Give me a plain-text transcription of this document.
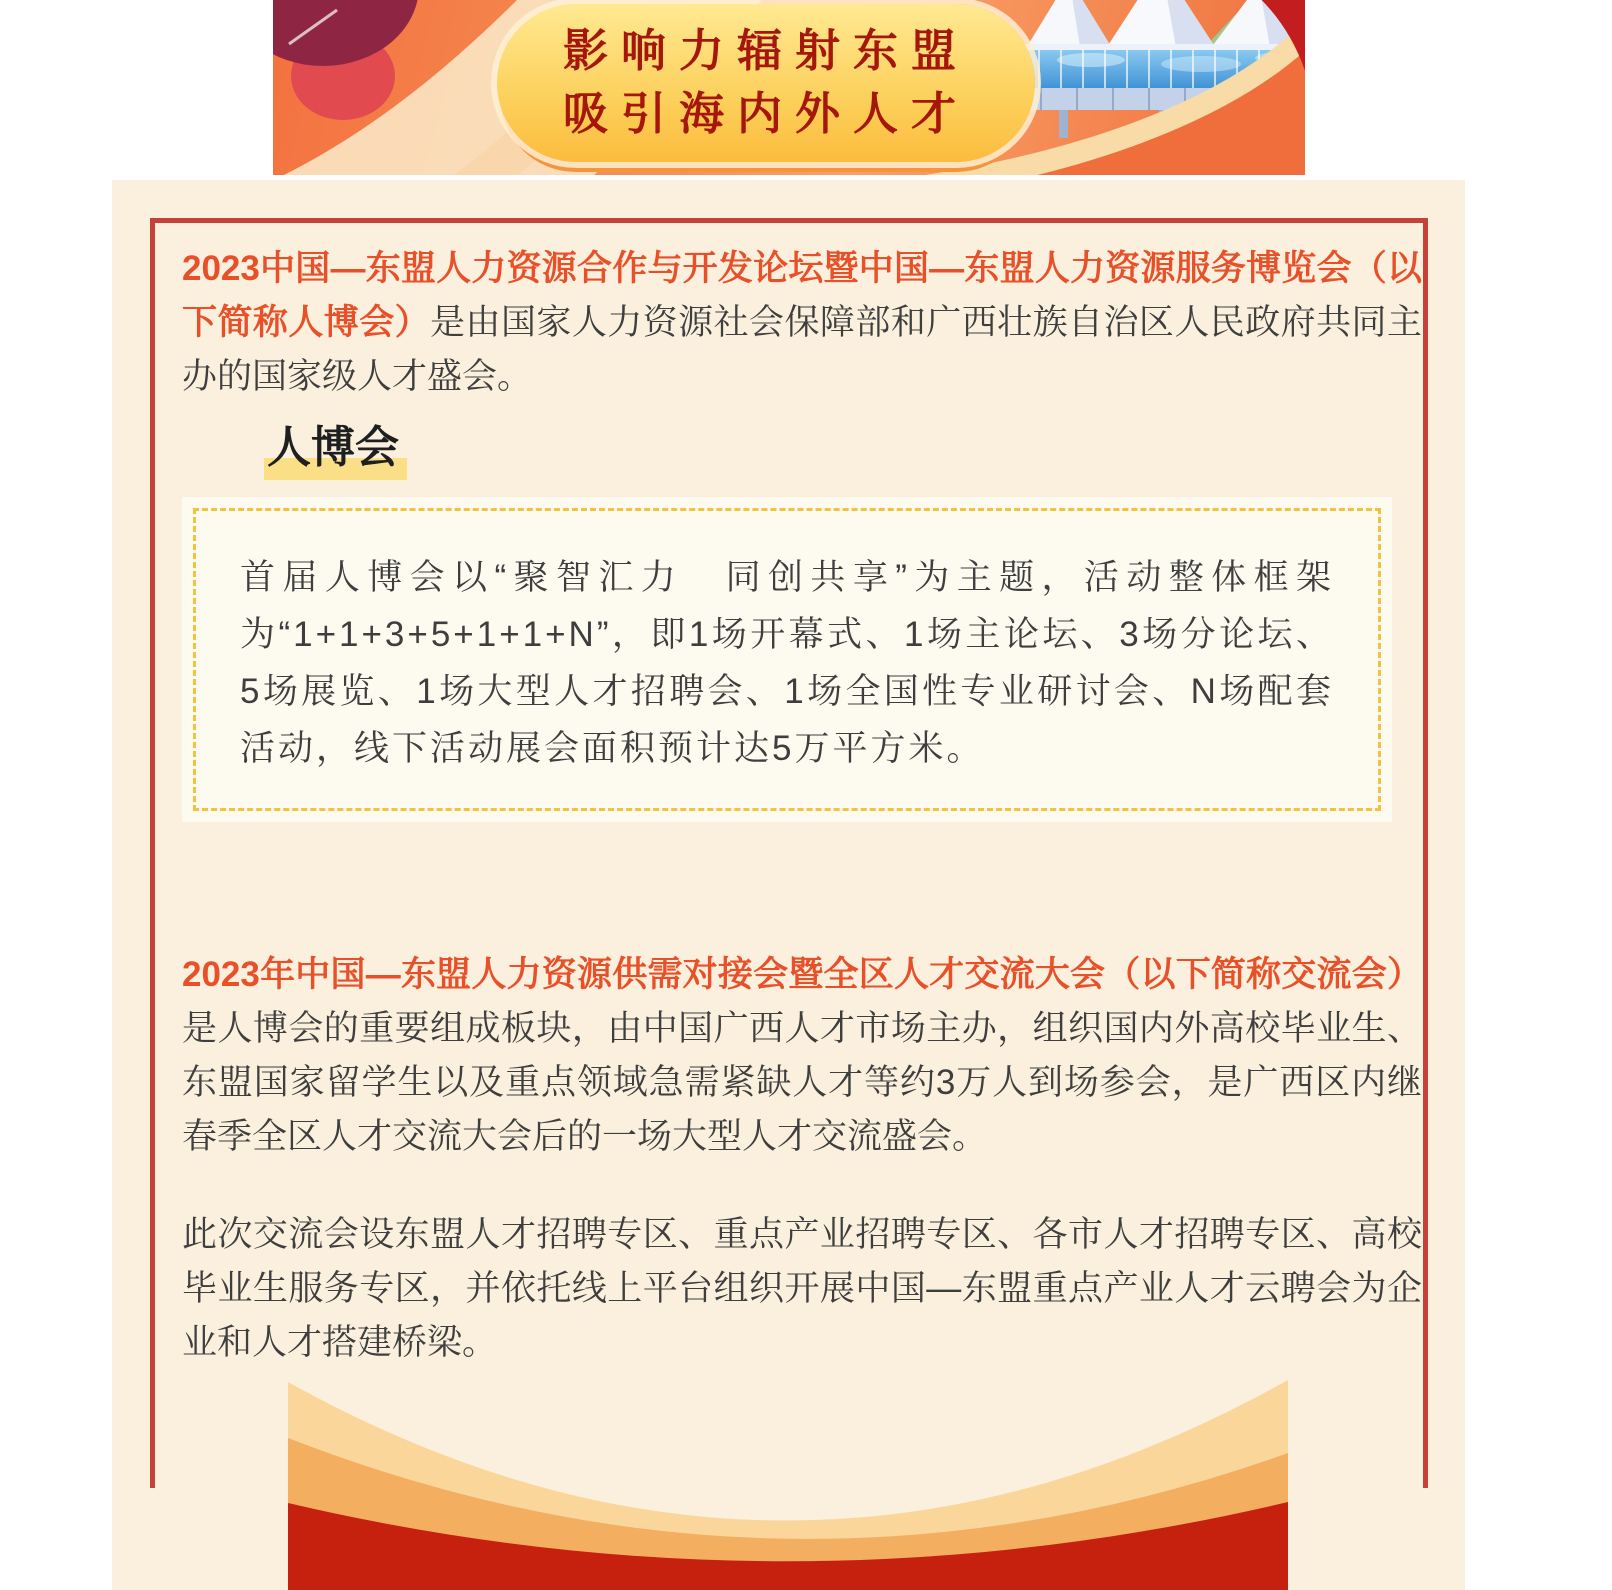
影响力辐射东盟
吸引海内外人才
2023中国—东盟人力资源合作与开发论坛暨中国—东盟人力资源服务博览会（以下简称人博会）是由国家人力资源社会保障部和广西壮族自治区人民政府共同主办的国家级人才盛会。
人博会
首届人博会以“聚智汇力　同创共享”为主题，活动整体框架为“1+1+3+5+1+1+N”，即1场开幕式、1场主论坛、3场分论坛、5场展览、1场大型人才招聘会、1场全国性专业研讨会、N场配套活动，线下活动展会面积预计达5万平方米。
2023年中国—东盟人力资源供需对接会暨全区人才交流大会（以下简称交流会）是人博会的重要组成板块，由中国广西人才市场主办，组织国内外高校毕业生、东盟国家留学生以及重点领域急需紧缺人才等约3万人到场参会，是广西区内继春季全区人才交流大会后的一场大型人才交流盛会。
此次交流会设东盟人才招聘专区、重点产业招聘专区、各市人才招聘专区、高校毕业生服务专区，并依托线上平台组织开展中国—东盟重点产业人才云聘会为企业和人才搭建桥梁。
